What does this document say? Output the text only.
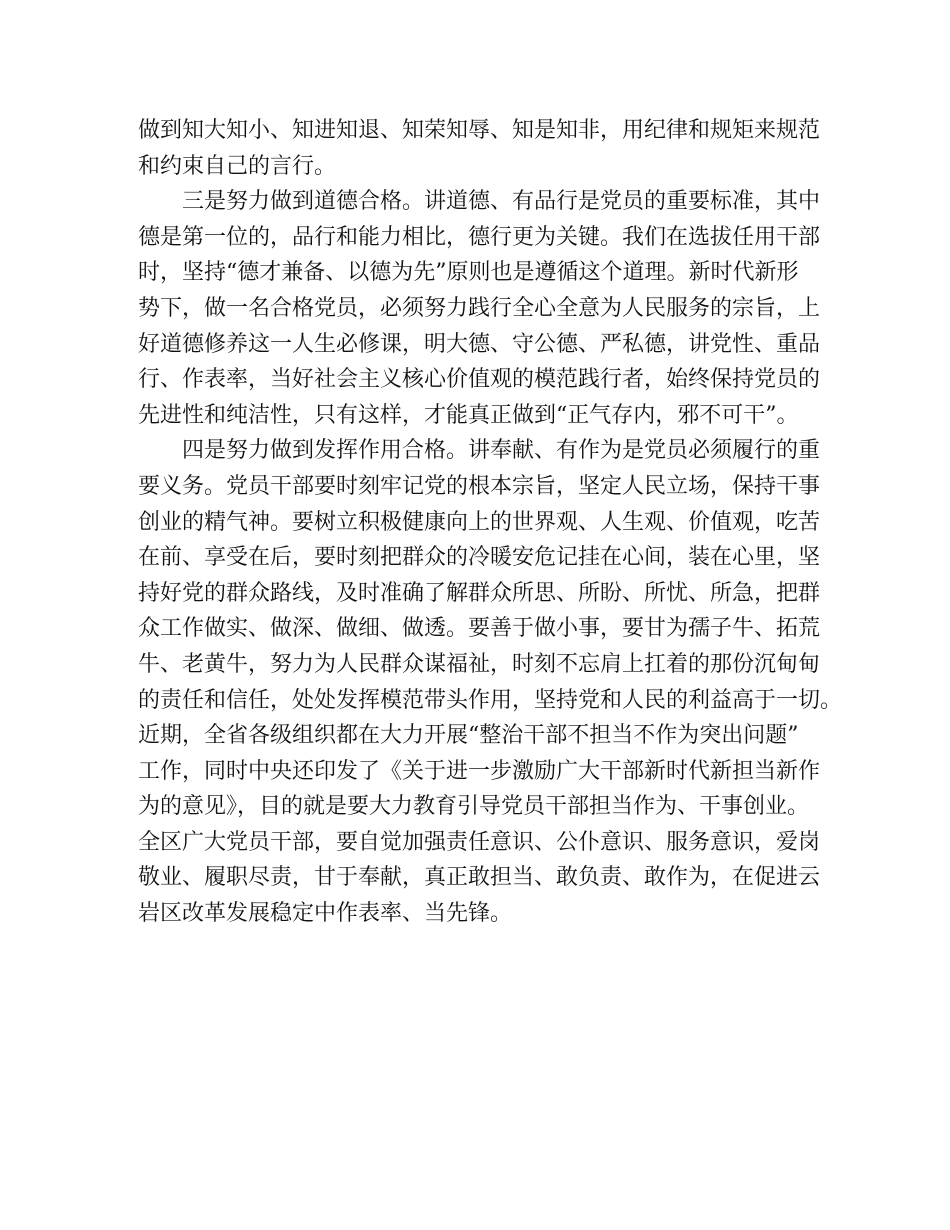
做到知大知小、知进知退、知荣知辱、知是知非，用纪律和规矩来规范
和约束自己的言行。
三是努力做到道德合格。讲道德、有品行是党员的重要标准，其中
德是第一位的，品行和能力相比，德行更为关键。我们在选拔任用干部
时，坚持“德才兼备、以德为先”原则也是遵循这个道理。新时代新形
势下，做一名合格党员，必须努力践行全心全意为人民服务的宗旨，上
好道德修养这一人生必修课，明大德、守公德、严私德，讲党性、重品
行、作表率，当好社会主义核心价值观的模范践行者，始终保持党员的
先进性和纯洁性，只有这样，才能真正做到“正气存内，邪不可干”。
四是努力做到发挥作用合格。讲奉献、有作为是党员必须履行的重
要义务。党员干部要时刻牢记党的根本宗旨，坚定人民立场，保持干事
创业的精气神。要树立积极健康向上的世界观、人生观、价值观，吃苦
在前、享受在后，要时刻把群众的冷暖安危记挂在心间，装在心里，坚
持好党的群众路线，及时准确了解群众所思、所盼、所忧、所急，把群
众工作做实、做深、做细、做透。要善于做小事，要甘为孺子牛、拓荒
牛、老黄牛，努力为人民群众谋福祉，时刻不忘肩上扛着的那份沉甸甸
的责任和信任，处处发挥模范带头作用，坚持党和人民的利益高于一切。
近期，全省各级组织都在大力开展“整治干部不担当不作为突出问题”
工作，同时中央还印发了《关于进一步激励广大干部新时代新担当新作
为的意见》，目的就是要大力教育引导党员干部担当作为、干事创业。
全区广大党员干部，要自觉加强责任意识、公仆意识、服务意识，爱岗
敬业、履职尽责，甘于奉献，真正敢担当、敢负责、敢作为，在促进云
岩区改革发展稳定中作表率、当先锋。
